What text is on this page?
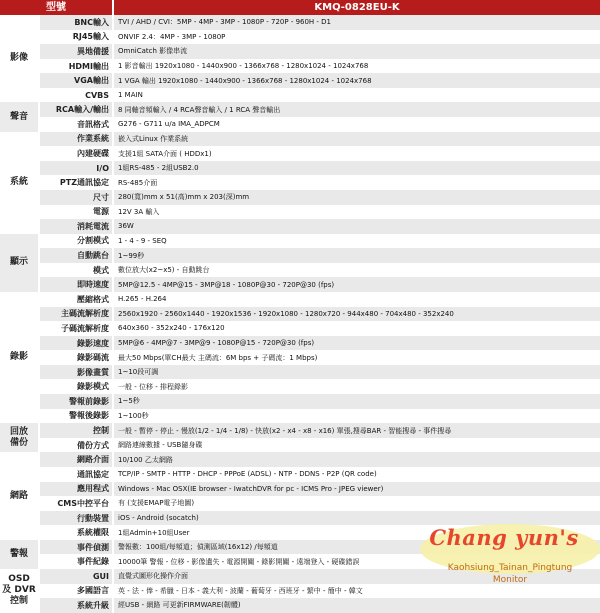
型號	KMQ-0828EU-K
影像
BNC輸入	TVI / AHD / CVI：5MP - 4MP - 3MP - 1080P - 720P - 960H - D1
RJ45輸入	ONVIF 2.4：4MP - 3MP - 1080P
異地備援	OmniCatch 影像串流
HDMI輸出	1 影音輸出 1920x1080 - 1440x900 - 1366x768 - 1280x1024 - 1024x768
VGA輸出	1 VGA 輸出 1920x1080 - 1440x900 - 1366x768 - 1280x1024 - 1024x768
CVBS	1 MAIN
聲音
RCA輸入/輸出	8 同軸音頻輸入 / 4 RCA聲音輸入 / 1 RCA 聲音輸出
音訊格式	G276 - G711 u/a IMA_ADPCM
系統
作業系統	嵌入式Linux 作業系統
內建硬碟	支援1組 SATA介面 ( HDDx1)
I/O	1組RS-485 - 2組USB2.0
PTZ通訊協定	RS-485介面
尺寸	280(寬)mm x 51(高)mm x 203(深)mm
電源	12V 3A 輸入
消耗電流	36W
顯示
分割模式	1 - 4 - 9 - SEQ
自動跳台	1~99秒
模式	數位放大(x2~x5) - 自動跳台
即時速度	5MP@12.5 - 4MP@15 - 3MP@18 - 1080P@30 - 720P@30 (fps)
錄影
壓縮格式	H.265 - H.264
主碼流解析度	2560x1920 - 2560x1440 - 1920x1536 - 1920x1080 - 1280x720 - 944x480 - 704x480 - 352x240
子碼流解析度	640x360 - 352x240 - 176x120
錄影速度	5MP@6 - 4MP@7 - 3MP@9 - 1080P@15 - 720P@30 (fps)
錄影碼流	最大50 Mbps(單CH最大 主碼流：6M bps + 子碼流：1 Mbps)
影像畫質	1~10段可調
錄影模式	一般 - 位移 - 排程錄影
警報前錄影	1~5秒
警報後錄影	1~100秒
回放
備份
控制	一般 - 暫停 - 停止 - 慢放(1/2 - 1/4 - 1/8) - 快放(x2 - x4 - x8 - x16) 單張,搜尋BAR - 智能搜尋 - 事件搜尋
備份方式	網路連線數據 - USB隨身碟
網路
網路介面	10/100 乙太網路
通訊協定	TCP/IP - SMTP - HTTP - DHCP - PPPoE (ADSL) - NTP - DDNS - P2P (QR code)
應用程式	Windows - Mac OSX(IE browser - IwatchDVR for pc - ICMS Pro - JPEG viewer)
CMS中控平台	有 (支援EMAP電子地圖)
行動裝置	iOS - Android (socatch)
系統權限	1組Admin+10組User
警報
事件偵測	警報數：100組/每頻道；偵測區域(16x12) /每頻道
事件紀錄	10000筆 警報 - 位移 - 影像遺失 - 電源開關 - 錄影開關 - 遠端登入 - 硬碟錯誤
OSD
及 DVR
控制
GUI	直覺式圖形化操作介面
多國語言	英 - 法 - 俸 - 希臘 - 日本 - 義大利 - 波蘭 - 葡萄牙 - 西班牙 - 繁中 - 簡中 - 韓文
系統升級	經USB - 網路 可更新FIRMWARE(韌體)
Chang yun's
Kaohsiung_Tainan_Pingtung
Monitor
